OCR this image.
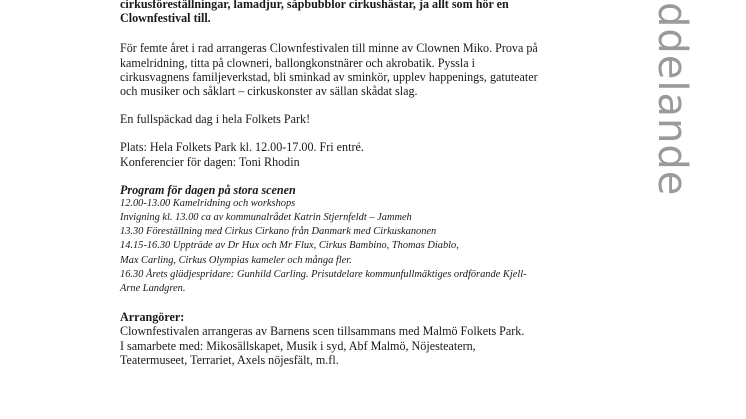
cirkusföreställningar, lamadjur, såpbubblor cirkushästar, ja allt som hör en

Clownfestival till.

För femte året i rad arrangeras Clownfestivalen till minne av Clownen Miko. Prova på

kamelridning, titta på clowneri, ballongkonstnärer och akrobatik. Pyssla i

cirkusvagnens familjeverkstad, bli sminkad av sminkör, upplev happenings, gatuteater

och musiker och såklart – cirkuskonster av sällan skådat slag.

En fullspäckad dag i hela Folkets Park!

Plats: Hela Folkets Park kl. 12.00-17.00. Fri entré.

Konferencier för dagen: Toni Rhodin

Program för dagen på stora scenen

12.00-13.00 Kamelridning och workshops

Invigning kl. 13.00 ca av kommunalrådet Katrin Stjernfeldt – Jammeh

13.30 Föreställning med Cirkus Cirkano från Danmark med Cirkuskanonen

14.15-16.30 Uppträde av Dr Hux och Mr Flux, Cirkus Bambino, Thomas Diablo,

Max Carling, Cirkus Olympias kameler och många fler.

16.30 Årets glädjespridare: Gunhild Carling. Prisutdelare kommunfullmäktiges ordförande Kjell-

Arne Landgren.

Arrangörer:

Clownfestivalen arrangeras av Barnens scen tillsammans med Malmö Folkets Park.

I samarbete med: Mikosällskapet, Musik i syd, Abf Malmö, Nöjesteatern,

Teatermuseet, Terrariet, Axels nöjesfält, m.fl.

ddelande
